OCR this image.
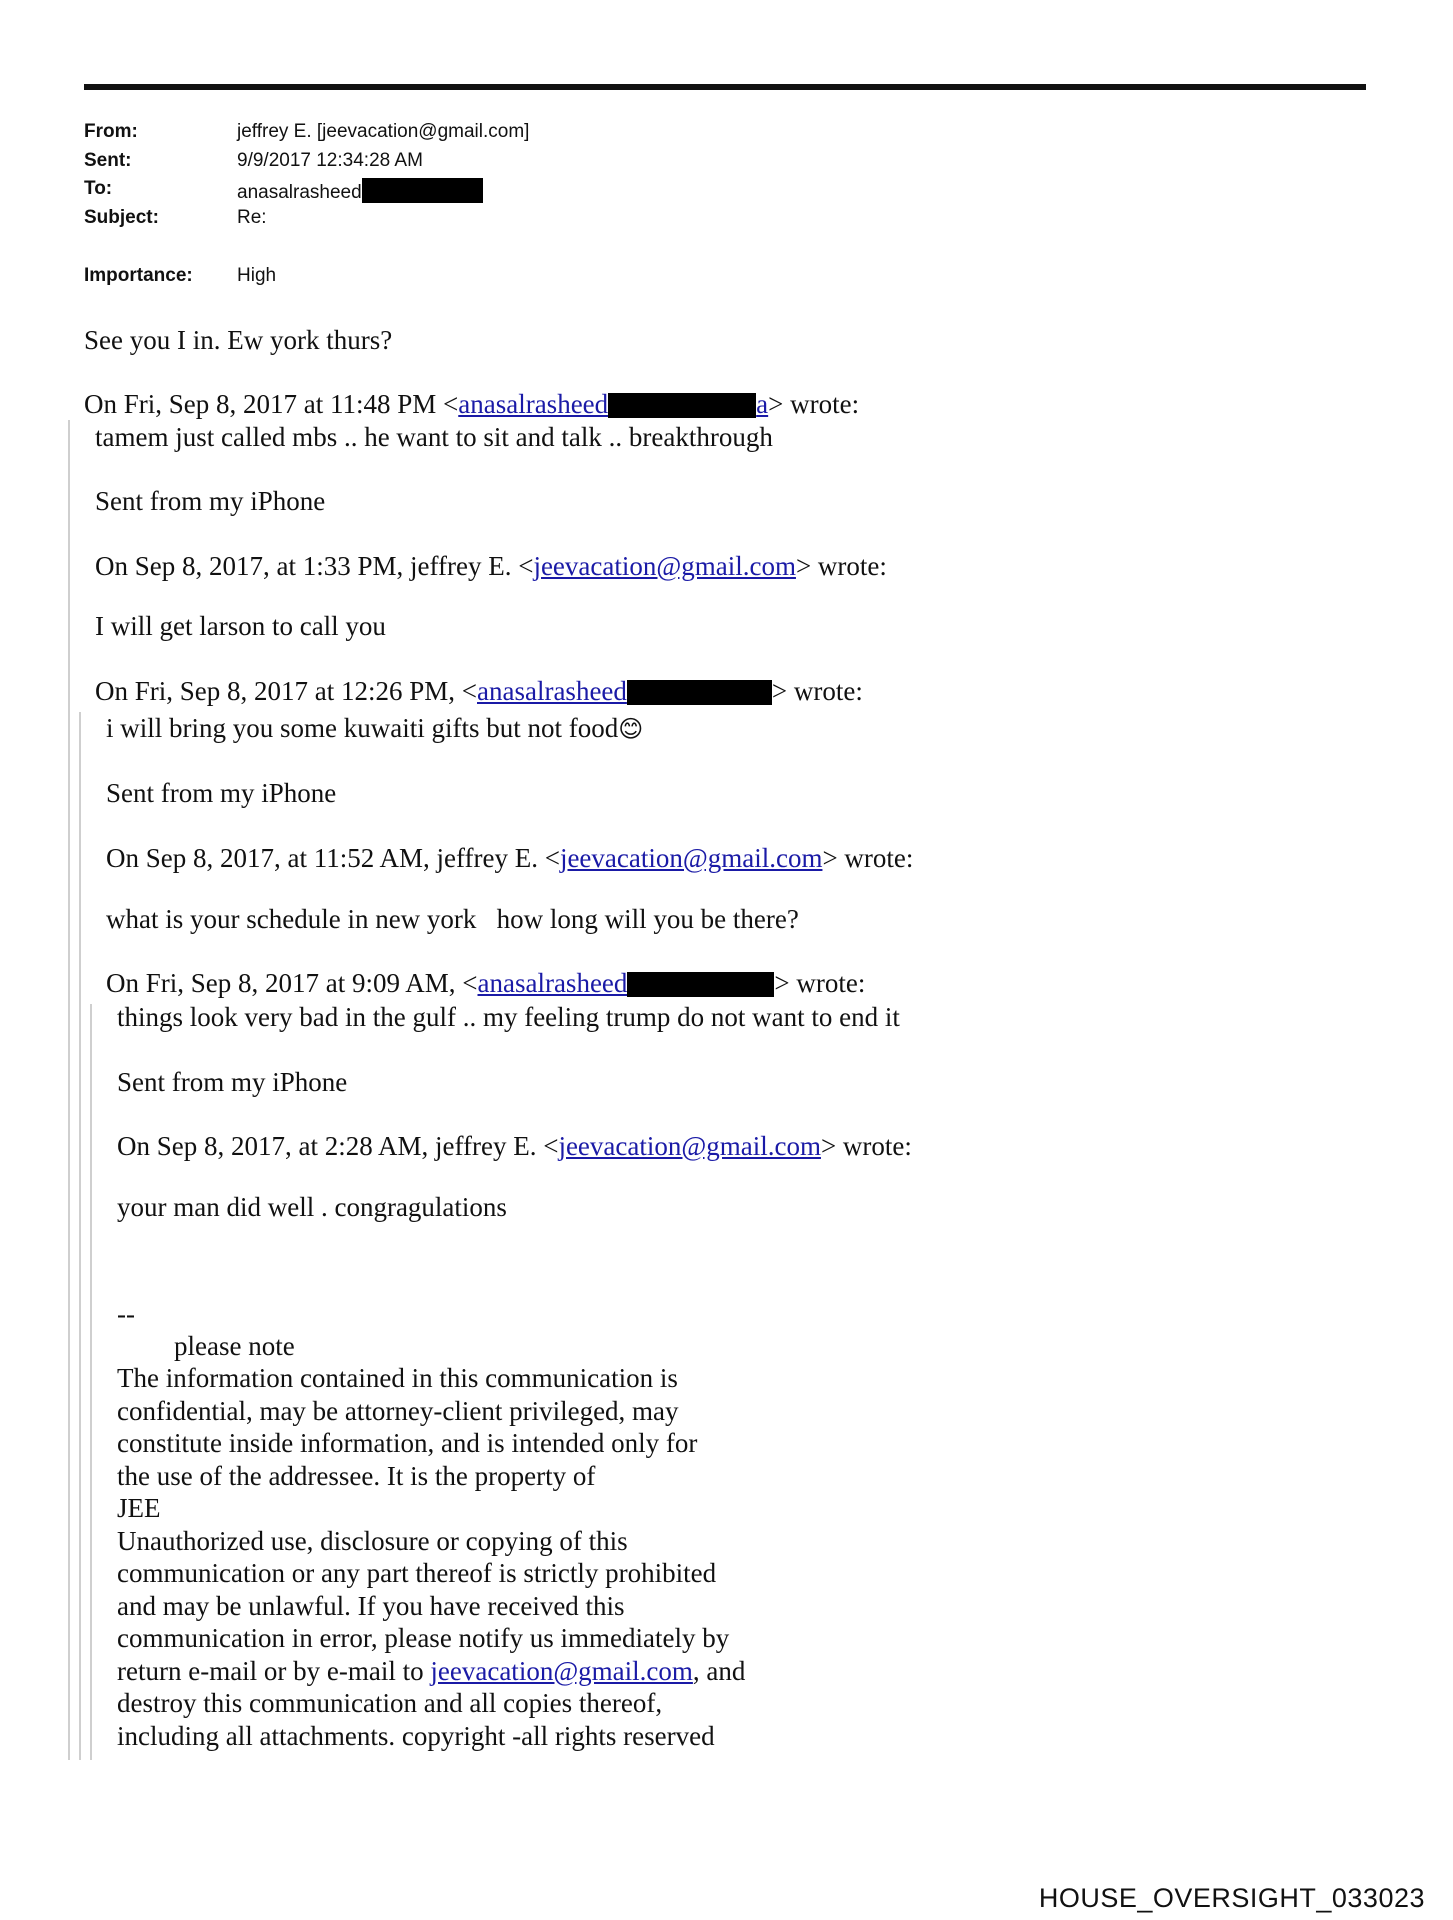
From:	jeffrey E. [jeevacation@gmail.com]
Sent:	9/9/2017 12:34:28 AM
To:	anasalrasheed
Subject:	Re:
Importance:	High
See you I in. Ew york thurs?
On Fri, Sep 8, 2017 at 11:48 PM <anasalrasheed	a> wrote:
tamem just called mbs .. he want to sit and talk .. breakthrough
Sent from my iPhone
On Sep 8, 2017, at 1:33 PM, jeffrey E. <jeevacation@gmail.com> wrote:
I will get larson to call you
On Fri, Sep 8, 2017 at 12:26 PM, <anasalrasheed	> wrote:
i will bring you some kuwaiti gifts but not food😊
Sent from my iPhone
On Sep 8, 2017, at 11:52 AM, jeffrey E. <jeevacation@gmail.com> wrote:
what is your schedule in new york   how long will you be there?
On Fri, Sep 8, 2017 at 9:09 AM, <anasalrasheed	> wrote:
things look very bad in the gulf .. my feeling trump do not want to end it
Sent from my iPhone
On Sep 8, 2017, at 2:28 AM, jeffrey E. <jeevacation@gmail.com> wrote:
your man did well . congragulations
--
please note
The information contained in this communication is
confidential, may be attorney-client privileged, may
constitute inside information, and is intended only for
the use of the addressee. It is the property of
JEE
Unauthorized use, disclosure or copying of this
communication or any part thereof is strictly prohibited
and may be unlawful. If you have received this
communication in error, please notify us immediately by
return e-mail or by e-mail to jeevacation@gmail.com, and
destroy this communication and all copies thereof,
including all attachments. copyright -all rights reserved
HOUSE_OVERSIGHT_033023
